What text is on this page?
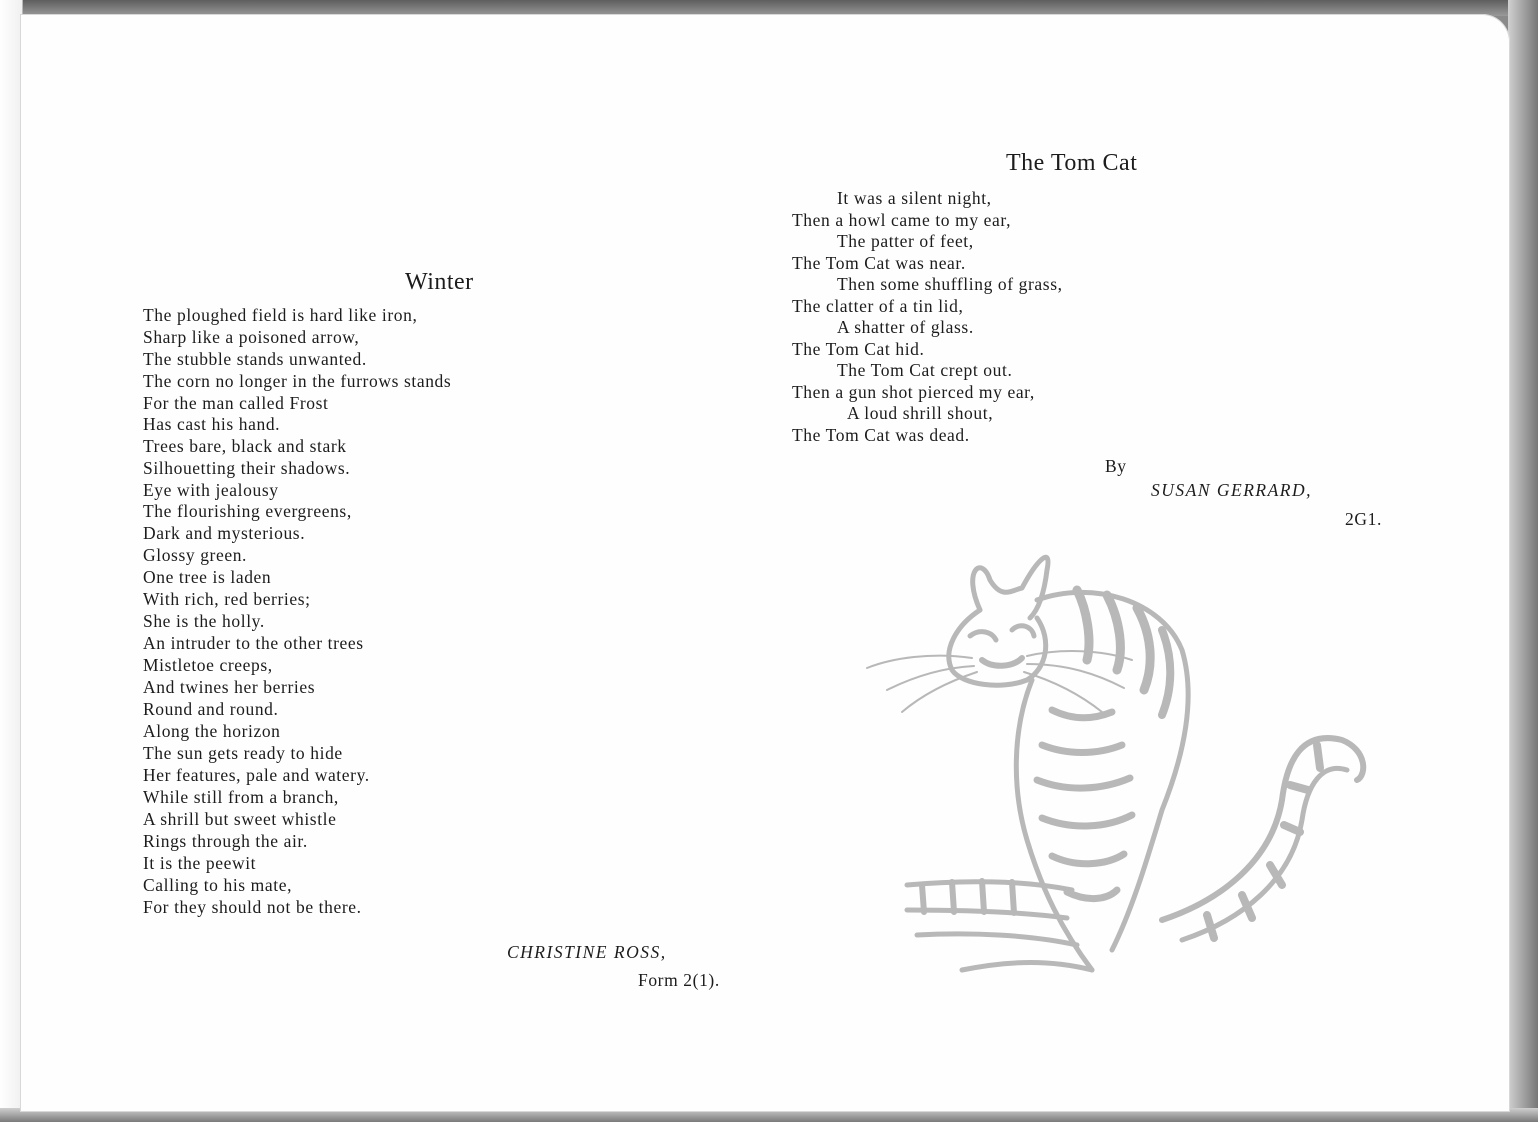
Winter
The ploughed field is hard like iron,
Sharp like a poisoned arrow,
The stubble stands unwanted.
The corn no longer in the furrows stands
For the man called Frost
Has cast his hand.
Trees bare, black and stark
Silhouetting their shadows.
Eye with jealousy
The flourishing evergreens,
Dark and mysterious.
Glossy green.
One tree is laden
With rich, red berries;
She is the holly.
An intruder to the other trees
Mistletoe creeps,
And twines her berries
Round and round.
Along the horizon
The sun gets ready to hide
Her features, pale and watery.
While still from a branch,
A shrill but sweet whistle
Rings through the air.
It is the peewit
Calling to his mate,
For they should not be there.
CHRISTINE ROSS,
Form 2(1).
The Tom Cat
It was a silent night,
Then a howl came to my ear,
The patter of feet,
The Tom Cat was near.
Then some shuffling of grass,
The clatter of a tin lid,
A shatter of glass.
The Tom Cat hid.
The Tom Cat crept out.
Then a gun shot pierced my ear,
A loud shrill shout,
The Tom Cat was dead.
By
SUSAN GERRARD,
2G1.
